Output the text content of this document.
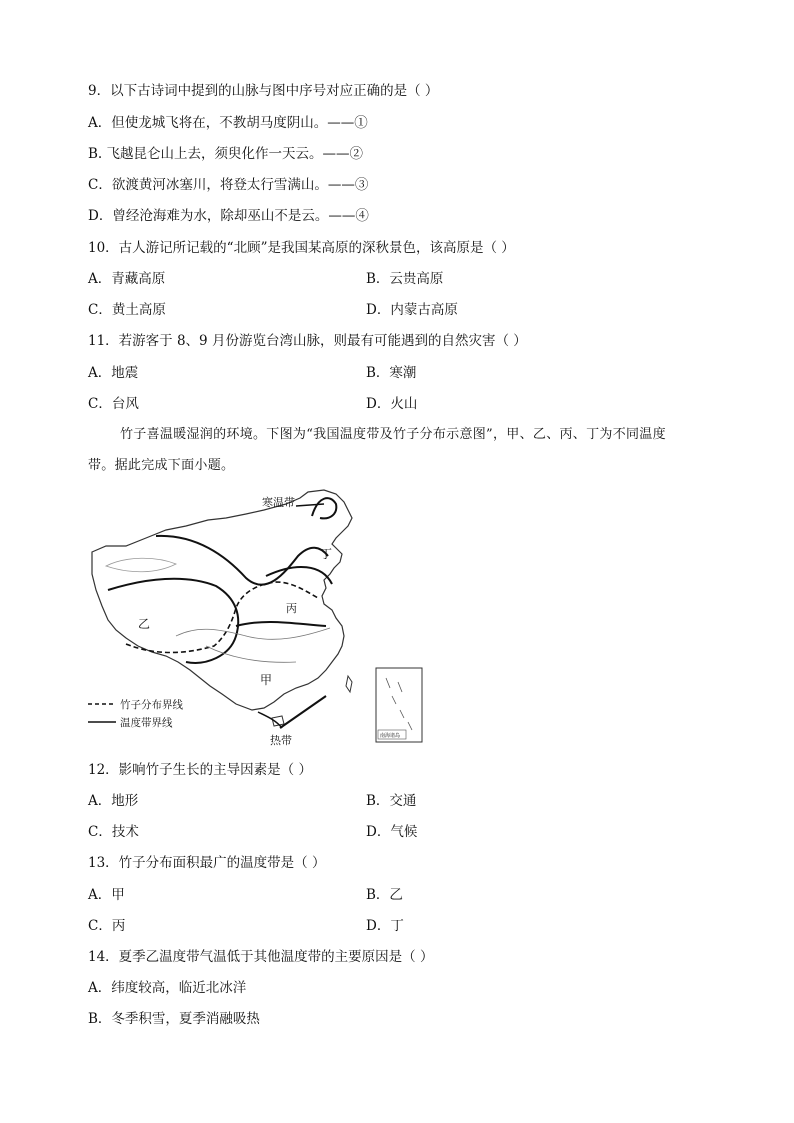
9．以下古诗词中提到的山脉与图中序号对应正确的是（ ）
A．但使龙城飞将在，不教胡马度阴山。——①
B. 飞越昆仑山上去，须臾化作一天云。——②
C．欲渡黄河冰塞川，将登太行雪满山。——③
D．曾经沧海难为水，除却巫山不是云。——④
10．古人游记所记载的“北顾”是我国某高原的深秋景色，该高原是（ ）
A．青藏高原	B．云贵高原
C．黄土高原	D．内蒙古高原
11．若游客于 8、9 月份游览台湾山脉，则最有可能遇到的自然灾害（ ）
A．地震	B．寒潮
C．台风	D．火山
竹子喜温暖湿润的环境。下图为“我国温度带及竹子分布示意图”，甲、乙、丙、丁为不同温度
带。据此完成下面小题。
寒温带
丁
丙
乙
甲
热带
竹子分布界线
温度带界线
南海诸岛
12．影响竹子生长的主导因素是（ ）
A．地形	B．交通
C．技术	D．气候
13．竹子分布面积最广的温度带是（ ）
A．甲	B．乙
C．丙	D．丁
14．夏季乙温度带气温低于其他温度带的主要原因是（ ）
A．纬度较高，临近北冰洋
B．冬季积雪，夏季消融吸热
